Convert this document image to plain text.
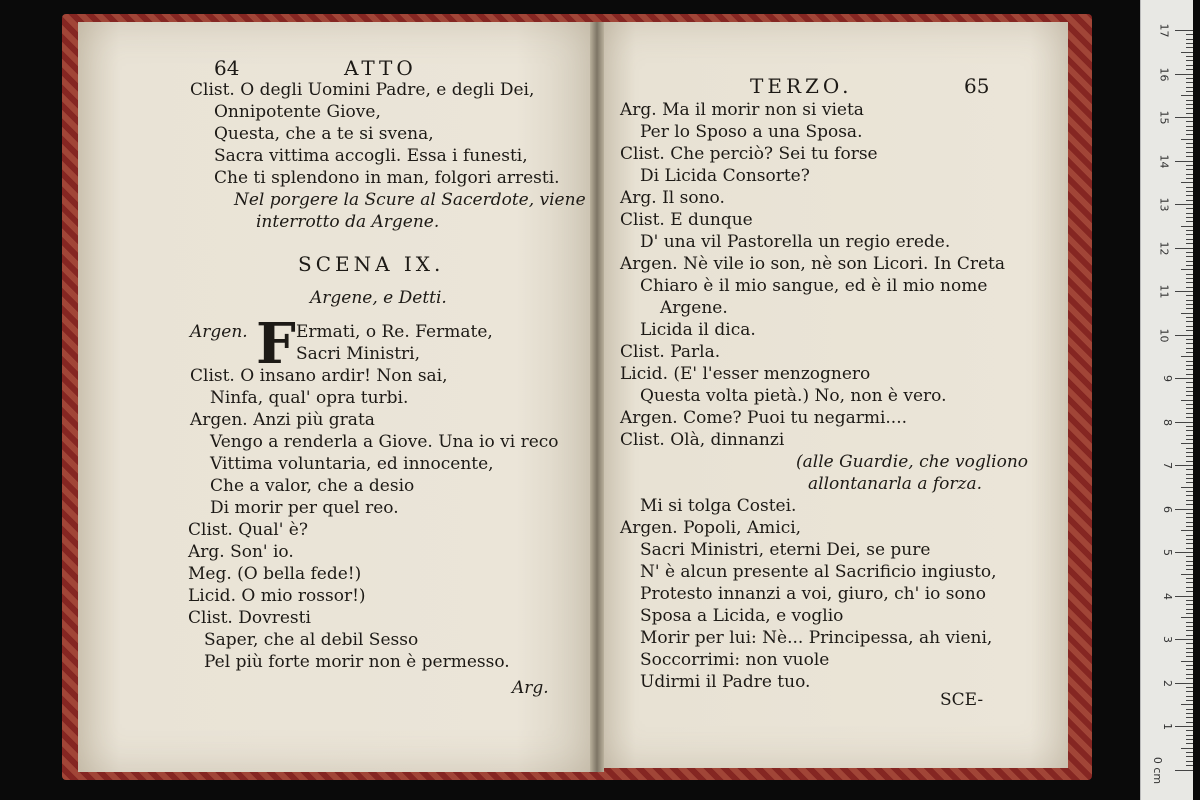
64	ATTO
TERZO.	65
F
Clist. O degli Uomini Padre, e degli Dei,
Onnipotente Giove,
Questa, che a te si svena,
Sacra vittima accogli. Essa i funesti,
Che ti splendono in man, folgori arresti.
Nel porgere la Scure al Sacerdote, viene
interrotto da Argene.
SCENA IX.
Argene, e Detti.
Argen.	Ermati, o Re. Fermate,
Sacri Ministri,
Clist. O insano ardir! Non sai,
Ninfa, qual' opra turbi.
Argen. Anzi più grata
Vengo a renderla a Giove. Una io vi reco
Vittima voluntaria, ed innocente,
Che a valor, che a desio
Di morir per quel reo.
Clist. Qual' è?
Arg. Son' io.
Meg. (O bella fede!)
Licid. O mio rossor!)
Clist. Dovresti
Saper, che al debil Sesso
Pel più forte morir non è permesso.
Arg.
Arg. Ma il morir non si vieta
Per lo Sposo a una Sposa.
Clist. Che perciò? Sei tu forse
Di Licida Consorte?
Arg. Il sono.
Clist. E dunque
D' una vil Pastorella un regio erede.
Argen. Nè vile io son, nè son Licori. In Creta
Chiaro è il mio sangue, ed è il mio nome
Argene.
Licida il dica.
Clist. Parla.
Licid. (E' l'esser menzognero
Questa volta pietà.) No, non è vero.
Argen. Come? Puoi tu negarmi....
Clist. Olà, dinnanzi
(alle Guardie, che vogliono
allontanarla a forza.
Mi si tolga Costei.
Argen. Popoli, Amici,
Sacri Ministri, eterni Dei, se pure
N' è alcun presente al Sacrificio ingiusto,
Protesto innanzi a voi, giuro, ch' io sono
Sposa a Licida, e voglio
Morir per lui: Nè... Principessa, ah vieni,
Soccorrimi: non vuole
Udirmi il Padre tuo.
SCE-
17
16
15
14
13
12
11
10
9
8
7
6
5
4
3
2
1
0 cm
